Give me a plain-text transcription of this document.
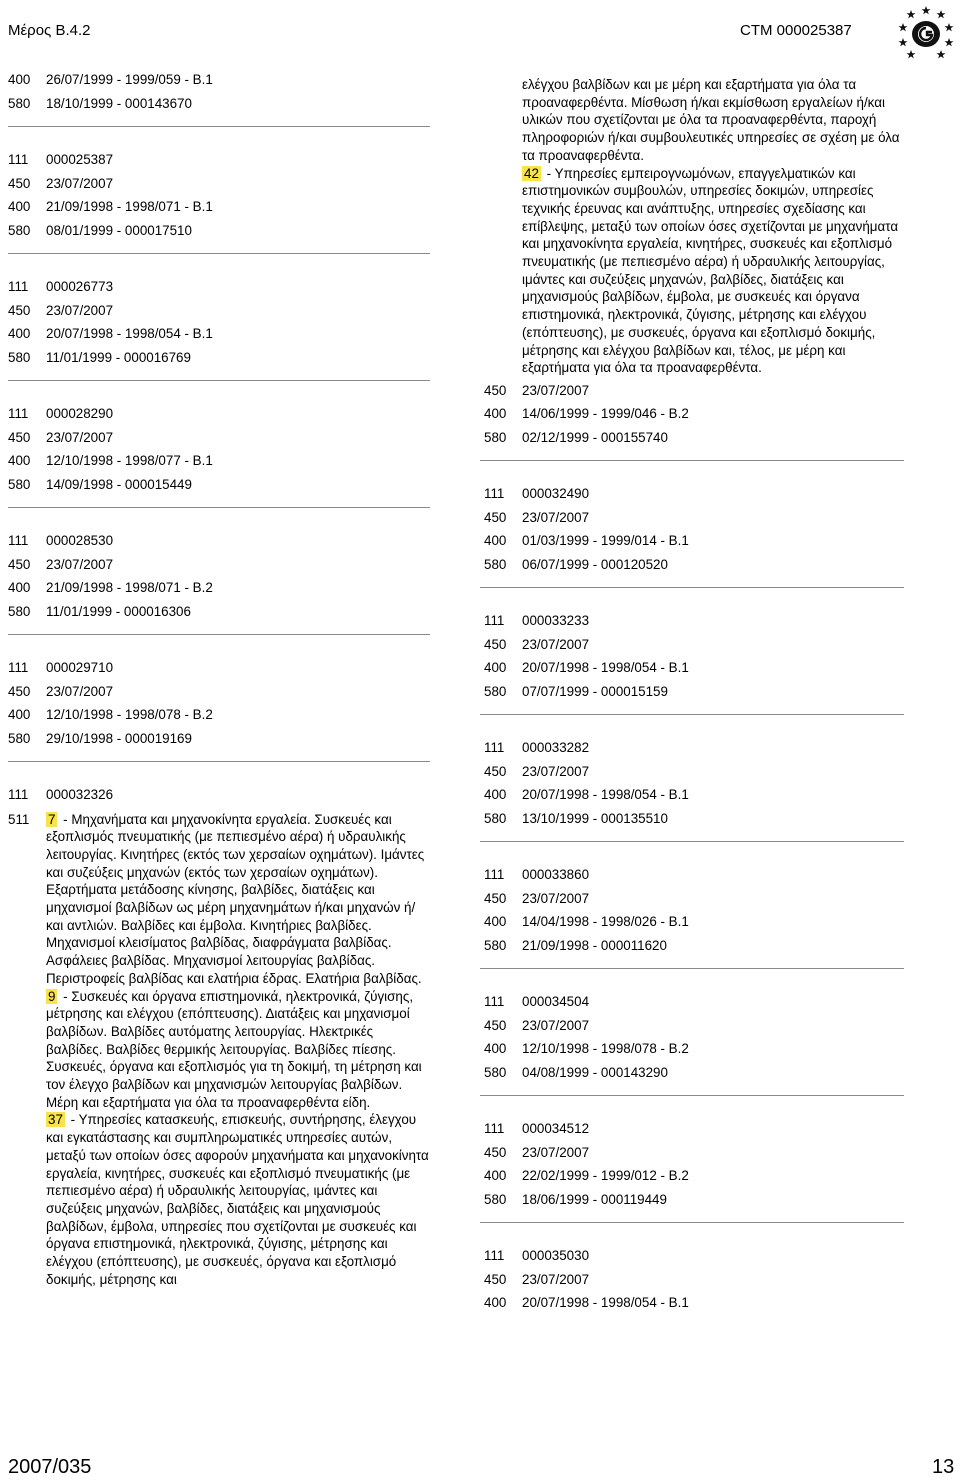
Μέρος Β.4.2	CTM 000025387
400	26/07/1999 - 1999/059 - B.1
580	18/10/1999 - 000143670
111	000025387
450	23/07/2007
400	21/09/1998 - 1998/071 - B.1
580	08/01/1999 - 000017510
111	000026773
450	23/07/2007
400	20/07/1998 - 1998/054 - B.1
580	11/01/1999 - 000016769
111	000028290
450	23/07/2007
400	12/10/1998 - 1998/077 - B.1
580	14/09/1998 - 000015449
111	000028530
450	23/07/2007
400	21/09/1998 - 1998/071 - B.2
580	11/01/1999 - 000016306
111	000029710
450	23/07/2007
400	12/10/1998 - 1998/078 - B.2
580	29/10/1998 - 000019169
111	000032326
511	7 - Μηχανήματα και μηχανοκίνητα εργαλεία. Συσκευές και εξοπλισμός πνευματικής (με πεπιεσμένο αέρα) ή υδραυλικής λειτουργίας. Κινητήρες (εκτός των χερσαίων οχημάτων). Ιμάντες και συζεύξεις μηχανών (εκτός των χερσαίων οχημάτων). Εξαρτήματα μετάδοσης κίνησης, βαλβίδες, διατάξεις και μηχανισμοί βαλβίδων ως μέρη μηχανημάτων ή/και μηχανών ή/και αντλιών. Βαλβίδες και έμβολα. Κινητήριες βαλβίδες. Μηχανισμοί κλεισίματος βαλβίδας, διαφράγματα βαλβίδας. Ασφάλειες βαλβίδας. Μηχανισμοί λειτουργίας βαλβίδας. Περιστροφείς βαλβίδας και ελατήρια έδρας. Ελατήρια βαλβίδας.

9 - Συσκευές και όργανα επιστημονικά, ηλεκτρονικά, ζύγισης, μέτρησης και ελέγχου (επόπτευσης). Διατάξεις και μηχανισμοί βαλβίδων. Βαλβίδες αυτόματης λειτουργίας. Ηλεκτρικές βαλβίδες. Βαλβίδες θερμικής λειτουργίας. Βαλβίδες πίεσης. Συσκευές, όργανα και εξοπλισμός για τη δοκιμή, τη μέτρηση και τον έλεγχο βαλβίδων και μηχανισμών λειτουργίας βαλβίδων. Μέρη και εξαρτήματα για όλα τα προαναφερθέντα είδη.

37 - Υπηρεσίες κατασκευής, επισκευής, συντήρησης, έλεγχου και εγκατάστασης και συμπληρωματικές υπηρεσίες αυτών, μεταξύ των οποίων όσες αφορούν μηχανήματα και μηχανοκίνητα εργαλεία, κινητήρες, συσκευές και εξοπλισμό πνευματικής (με πεπιεσμένο αέρα) ή υδραυλικής λειτουργίας, ιμάντες και συζεύξεις μηχανών, βαλβίδες, διατάξεις και μηχανισμούς βαλβίδων, έμβολα, υπηρεσίες που σχετίζονται με συσκευές και όργανα επιστημονικά, ηλεκτρονικά, ζύγισης, μέτρησης και ελέγχου (επόπτευσης), με συσκευές, όργανα και εξοπλισμό δοκιμής, μέτρησης και

ελέγχου βαλβίδων και με μέρη και εξαρτήματα για όλα τα προαναφερθέντα. Μίσθωση ή/και εκμίσθωση εργαλείων ή/και υλικών που σχετίζονται με όλα τα προαναφερθέντα, παροχή πληροφοριών ή/και συμβουλευτικές υπηρεσίες σε σχέση με όλα τα προαναφερθέντα.

42 - Υπηρεσίες εμπειρογνωμόνων, επαγγελματικών και επιστημονικών συμβουλών, υπηρεσίες δοκιμών, υπηρεσίες τεχνικής έρευνας και ανάπτυξης, υπηρεσίες σχεδίασης και επίβλεψης, μεταξύ των οποίων όσες σχετίζονται με μηχανήματα και μηχανοκίνητα εργαλεία, κινητήρες, συσκευές και εξοπλισμό πνευματικής (με πεπιεσμένο αέρα) ή υδραυλικής λειτουργίας, ιμάντες και συζεύξεις μηχανών, βαλβίδες, διατάξεις και μηχανισμούς βαλβίδων, έμβολα, με συσκευές και όργανα επιστημονικά, ηλεκτρονικά, ζύγισης, μέτρησης και ελέγχου (επόπτευσης), με συσκευές, όργανα και εξοπλισμό δοκιμής, μέτρησης και ελέγχου βαλβίδων και, τέλος, με μέρη και εξαρτήματα για όλα τα προαναφερθέντα.

450	23/07/2007
400	14/06/1999 - 1999/046 - B.2
580	02/12/1999 - 000155740
111	000032490
450	23/07/2007
400	01/03/1999 - 1999/014 - B.1
580	06/07/1999 - 000120520
111	000033233
450	23/07/2007
400	20/07/1998 - 1998/054 - B.1
580	07/07/1999 - 000015159
111	000033282
450	23/07/2007
400	20/07/1998 - 1998/054 - B.1
580	13/10/1999 - 000135510
111	000033860
450	23/07/2007
400	14/04/1998 - 1998/026 - B.1
580	21/09/1998 - 000011620
111	000034504
450	23/07/2007
400	12/10/1998 - 1998/078 - B.2
580	04/08/1999 - 000143290
111	000034512
450	23/07/2007
400	22/02/1999 - 1999/012 - B.2
580	18/06/1999 - 000119449
111	000035030
450	23/07/2007
400	20/07/1998 - 1998/054 - B.1
2007/035	13
